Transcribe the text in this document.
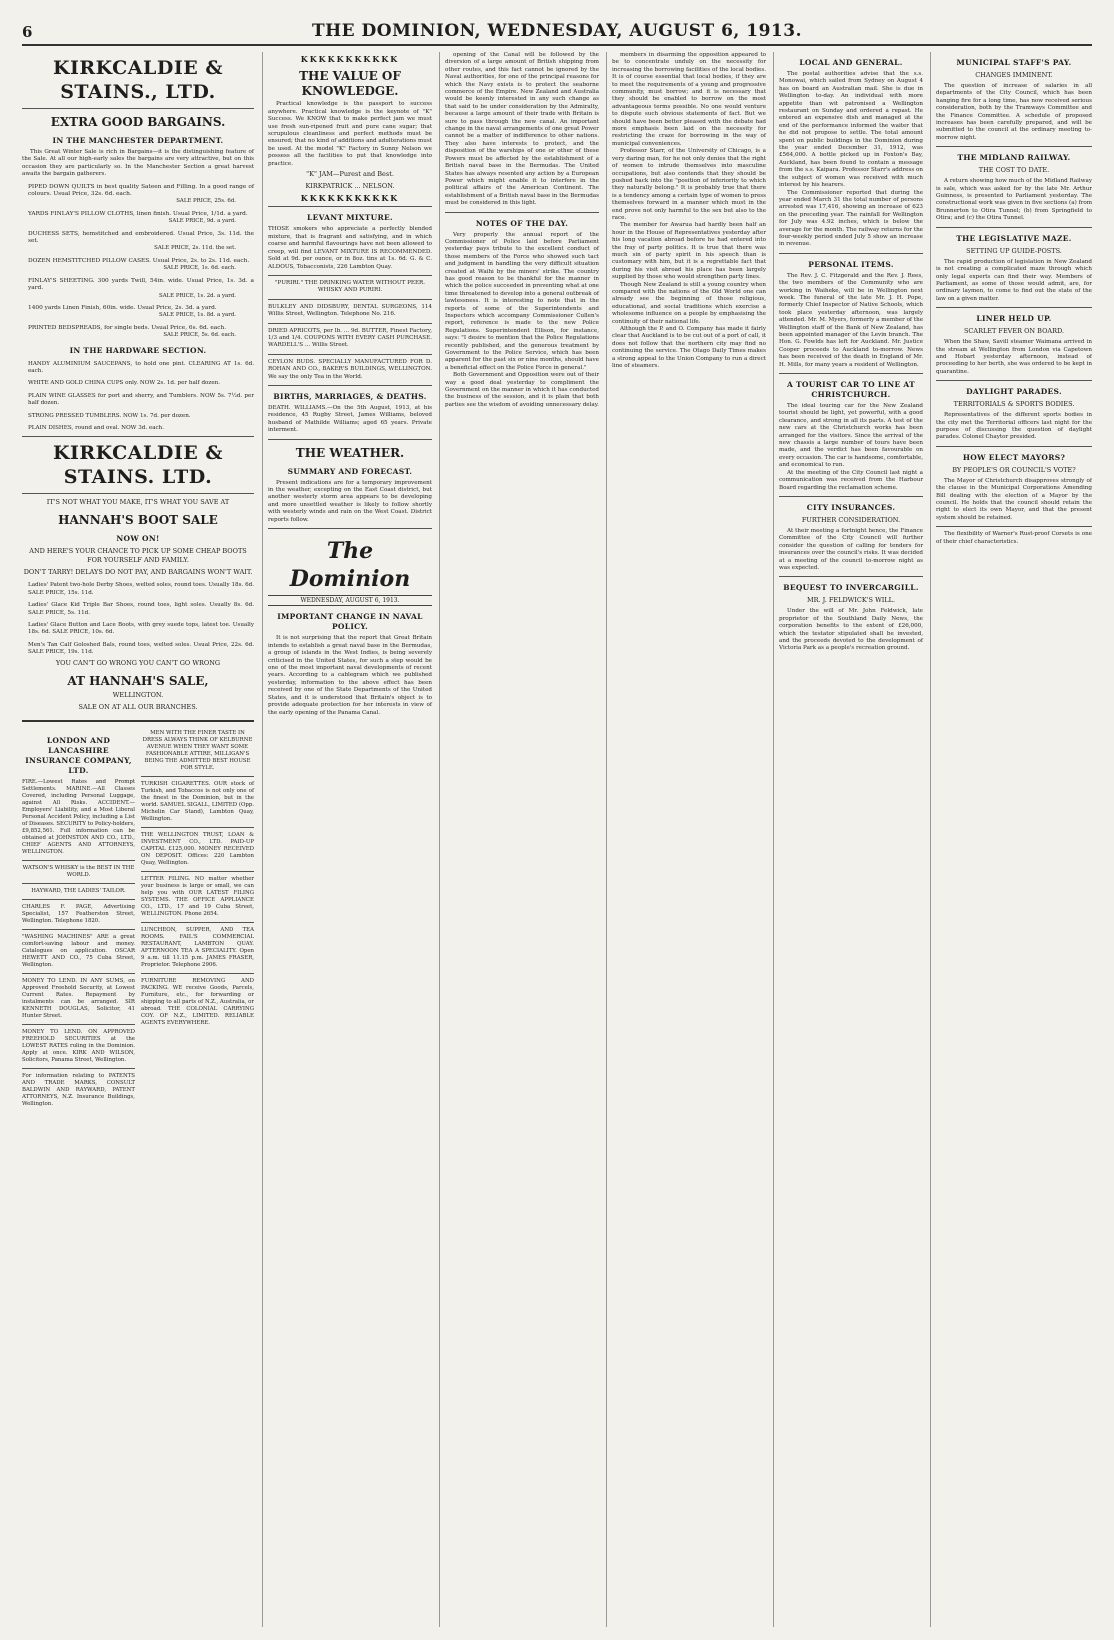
6	THE DOMINION, WEDNESDAY, AUGUST 6, 1913.
KIRKCALDIE & STAINS., LTD.
EXTRA GOOD BARGAINS.
IN THE MANCHESTER DEPARTMENT.

This Great Winter Sale is rich in Bargains—it is the distinguishing feature of the Sale. At all our high-early sales the bargains are very attractive, but on this occasion they are particularly so. In the Manchester Section a great harvest awaits the bargain gatherers.

PIPED DOWN QUILTS in best quality Sateen and Filling. In a good range of colours. Usual Price, 32s. 6d. each.
SALE PRICE, 25s. 6d.
YARDS FINLAY'S PILLOW CLOTHS, linen finish. Usual Price, 1/1d. a yard.
SALE PRICE, 9d. a yard.
DUCHESS SETS, hemstitched and embroidered. Usual Price, 3s. 11d. the set.
SALE PRICE, 2s. 11d. the set.
DOZEN HEMSTITCHED PILLOW CASES. Usual Price, 2s. to 2s. 11d. each.
SALE PRICE, 1s. 6d. each.
FINLAY'S SHEETING. 300 yards Twill, 54in. wide. Usual Price, 1s. 3d. a yard.
SALE PRICE, 1s. 2d. a yard.
1400 yards Linen Finish, 60in. wide. Usual Price, 2s. 3d. a yard.
SALE PRICE, 1s. 8d. a yard.
PRINTED BEDSPREADS, for single beds. Usual Price, 6s. 6d. each.
SALE PRICE, 5s. 6d. each.
IN THE HARDWARE SECTION.
HANDY ALUMINIUM SAUCEPANS, to hold one pint. CLEARING AT 1s. 6d. each.
WHITE AND GOLD CHINA CUPS only. NOW 2s. 1d. per half dozen.
PLAIN WINE GLASSES for port and sherry, and Tumblers. NOW 5s. 7½d. per half dozen.
STRONG PRESSED TUMBLERS. NOW 1s. 7d. per dozen.
PLAIN DISHES, round and oval. NOW 3d. each.
KIRKCALDIE & STAINS. LTD.
IT'S NOT WHAT YOU MAKE, IT'S WHAT YOU SAVE AT
HANNAH'S BOOT SALE
NOW ON!
AND HERE'S YOUR CHANCE TO PICK UP SOME CHEAP BOOTS FOR YOURSELF AND FAMILY.
DON'T TARRY! DELAYS DO NOT PAY, AND BARGAINS WON'T WAIT.
Ladies' Patent two-hole Derby Shoes, welted soles, round toes. Usually 18s. 6d. SALE PRICE, 15s. 11d.
Ladies' Glace Kid Triple Bar Shoes, round toes, light soles. Usually 8s. 6d. SALE PRICE, 5s. 11d.
Ladies' Glace Button and Lace Boots, with grey suede tops, latest toe. Usually 18s. 6d. SALE PRICE, 10s. 6d.
Men's Tan Calf Goloshed Bals, round toes, welted soles. Usual Price, 22s. 6d. SALE PRICE, 19s. 11d.
YOU CAN'T GO WRONG YOU CAN'T GO WRONG
AT HANNAH'S SALE,
WELLINGTON.
SALE ON AT ALL OUR BRANCHES.
LONDON AND LANCASHIRE INSURANCE COMPANY, LTD.

FIRE.—Lowest Rates and Prompt Settlements. MARINE.—All Classes Covered, including Personal Luggage, against All Risks. ACCIDENT.—Employers' Liability, and a Most Liberal Personal Accident Policy, including a List of Diseases. SECURITY to Policy-holders, £9,852,561. Full information can be obtained at JOHNSTON AND CO., LTD., CHIEF AGENTS AND ATTORNEYS, WELLINGTON.

WATSON'S WHISKY is the BEST IN THE WORLD.

HAYWARD, THE LADIES' TAILOR.

CHARLES F. PAGE, Advertising Specialist, 157 Featherston Street, Wellington. Telephone 1820.

"WASHING MACHINES" ARE a great comfort-saving labour and money. Catalogues on application. OSCAR HEWETT AND CO., 75 Cuba Street, Wellington.

MONEY TO LEND. IN ANY SUMS, on Approved Freehold Security, at Lowest Current Rates. Repayment by instalments can be arranged. SIR KENNETH DOUGLAS, Solicitor, 41 Hunter Street.

MONEY TO LEND. ON APPROVED FREEHOLD SECURITIES at the LOWEST RATES ruling in the Dominion. Apply at once. KIRK AND WILSON, Solicitors, Panama Street, Wellington.

For information relating to PATENTS AND TRADE MARKS, CONSULT BALDWIN AND RAYWARD, PATENT ATTORNEYS, N.Z. Insurance Buildings, Wellington.

MEN WITH THE FINER TASTE IN DRESS ALWAYS THINK OF KELBURNE AVENUE WHEN THEY WANT SOME FASHIONABLE ATTIRE, MILLIGAN'S BEING THE ADMITTED BEST HOUSE FOR STYLE.

TURKISH CIGARETTES. OUR stock of Turkish, and Tobaccos is not only one of the finest in the Dominion, but in the world. SAMUEL SIGALL, LIMITED (Opp. Michelin Car Stand), Lambton Quay, Wellington.

THE WELLINGTON TRUST, LOAN & INVESTMENT CO., LTD. PAID-UP CAPITAL £125,000. MONEY RECEIVED ON DEPOSIT. Offices: 220 Lambton Quay, Wellington.

LETTER FILING. NO matter whether your business is large or small, we can help you with OUR LATEST FILING SYSTEMS. THE OFFICE APPLIANCE CO., LTD., 17 and 19 Cuba Street, WELLINGTON. Phone 2654.

LUNCHEON, SUPPER, AND TEA ROOMS. FAIL'S COMMERCIAL RESTAURANT, LAMBTON QUAY. AFTERNOON TEA A SPECIALITY. Open 9 a.m. till 11.15 p.m. JAMES FRASER, Proprietor. Telephone 2906.

FURNITURE REMOVING AND PACKING. WE receive Goods, Parcels, Furniture, etc., for forwarding or shipping to all parts of N.Z., Australia, or abroad. THE COLONIAL CARRYING COY. OF N.Z., LIMITED. RELIABLE AGENTS EVERYWHERE.

KKKKKKKKKKK
THE VALUE OF KNOWLEDGE.

Practical knowledge is the passport to success anywhere. Practical knowledge is the keynote of "K" Success. We KNOW that to make perfect jam we must use fresh sun-ripened fruit and pure cane sugar; that scrupulous cleanliness and perfect methods must be ensured; that no kind of additions and adulterations must be used. At the model "K" Factory in Sunny Nelson we possess all the facilities to put that knowledge into practice.

"K" JAM—Purest and Best.
KIRKPATRICK ... NELSON.
KKKKKKKKKKK
LEVANT MIXTURE.

THOSE smokers who appreciate a perfectly blended mixture, that is fragrant and satisfying, and in which coarse and harmful flavourings have not been allowed to creep, will find LEVANT MIXTURE IS RECOMMENDED. Sold at 9d. per ounce, or in 8oz. tins at 1s. 6d. G. & C. ALDOUS, Tobacconists, 226 Lambton Quay.

"PURIRI." THE DRINKING WATER WITHOUT PEER. WHISKY AND PURIRI.

BULKLEY AND DIDSBURY, DENTAL SURGEONS, 114 Willis Street, Wellington. Telephone No. 216.

DRIED APRICOTS, per lb. ... 9d. BUTTER, Finest Factory, 1/3 and 1/4. COUPONS WITH EVERY CASH PURCHASE. WARDELL'S ... Willis Street.

CEYLON BUDS. SPECIALLY MANUFACTURED FOR D. ROHAN AND CO., BAKER'S BUILDINGS, WELLINGTON. We say the only Tea in the World.

BIRTHS, MARRIAGES, & DEATHS.

DEATH. WILLIAMS.—On the 5th August, 1913, at his residence, 45 Rugby Street, James Williams, beloved husband of Mathilde Williams; aged 65 years. Private interment.

THE WEATHER.
SUMMARY AND FORECAST.

Present indications are for a temporary improvement in the weather, excepting on the East Coast district, but another westerly storm area appears to be developing and more unsettled weather is likely to follow shortly with westerly winds and rain on the West Coast. District reports follow.

The Dominion
WEDNESDAY, AUGUST 6, 1913.
IMPORTANT CHANGE IN NAVAL POLICY.

It is not surprising that the report that Great Britain intends to establish a great naval base in the Bermudas, a group of islands in the West Indies, is being severely criticised in the United States, for such a step would be one of the most important naval developments of recent years. According to a cablegram which we published yesterday, information to the above effect has been received by one of the State Departments of the United States, and it is understood that Britain's object is to provide adequate protection for her interests in view of the early opening of the Panama Canal.

opening of the Canal will be followed by the diversion of a large amount of British shipping from other routes, and this fact cannot be ignored by the Naval authorities, for one of the principal reasons for which the Navy exists is to protect the seaborne commerce of the Empire. New Zealand and Australia would be keenly interested in any such change as that said to be under consideration by the Admiralty, because a large amount of their trade with Britain is sure to pass through the new canal. An important change in the naval arrangements of one great Power cannot be a matter of indifference to other nations. They also have interests to protect, and the disposition of the warships of one or other of these Powers must be affected by the establishment of a British naval base in the Bermudas. The United States has always resented any action by a European Power which might enable it to interfere in the political affairs of the American Continent. The establishment of a British naval base in the Bermudas must be considered in this light.

NOTES OF THE DAY.

Very properly the annual report of the Commissioner of Police laid before Parliament yesterday pays tribute to the excellent conduct of those members of the Force who showed such tact and judgment in handling the very difficult situation created at Waihi by the miners' strike. The country has good reason to be thankful for the manner in which the police succeeded in preventing what at one time threatened to develop into a general outbreak of lawlessness. It is interesting to note that in the reports of some of the Superintendents and Inspectors which accompany Commissioner Cullen's report, reference is made to the new Police Regulations. Superintendent Ellison, for instance, says: "I desire to mention that the Police Regulations recently published, and the generous treatment by Government to the Police Service, which has been apparent for the past six or nine months, should have a beneficial effect on the Police Force in general."

Both Government and Opposition were out of their way a good deal yesterday to compliment the Government on the manner in which it has conducted the business of the session, and it is plain that both parties see the wisdom of avoiding unnecessary delay.

members in disarming the opposition appeared to be to concentrate unduly on the necessity for increasing the borrowing facilities of the local bodies. It is of course essential that local bodies, if they are to meet the requirements of a young and progressive community, must borrow; and it is necessary that they should be enabled to borrow on the most advantageous terms possible. No one would venture to dispute such obvious statements of fact. But we should have been better pleased with the debate had more emphasis been laid on the necessity for restricting the craze for borrowing in the way of municipal conveniences.

Professor Starr, of the University of Chicago, is a very daring man, for he not only denies that the right of women to intrude themselves into masculine occupations, but also contends that they should be pushed back into the "position of inferiority to which they naturally belong." It is probably true that there is a tendency among a certain type of women to press themselves forward in a manner which must in the end prove not only harmful to the sex but also to the race.

The member for Awarua had hardly been half an hour in the House of Representatives yesterday after his long vacation abroad before he had entered into the fray of party politics. It is true that there was much sin of party spirit in his speech than is customary with him, but it is a regrettable fact that during his visit abroad his place has been largely supplied by those who would strengthen party lines.

Though New Zealand is still a young country when compared with the nations of the Old World one can already see the beginning of those religious, educational, and social traditions which exercise a wholesome influence on a people by emphasising the continuity of their national life.

Although the P. and O. Company has made it fairly clear that Auckland is to be cut out of a port of call, it does not follow that the northern city may find no continuing the service. The Otago Daily Times makes a strong appeal to the Union Company to run a direct line of steamers.

LOCAL AND GENERAL.

The postal authorities advise that the s.s. Monowai, which sailed from Sydney on August 4 has on board an Australian mail. She is due in Wellington to-day. An individual with more appetite than wit patronised a Wellington restaurant on Sunday and ordered a repast. He entered an expensive dish and managed at the end of the performance informed the waiter that he did not propose to settle. The total amount spent on public buildings in the Dominion during the year ended December 31, 1912, was £564,000. A bottle picked up in Foxton's Bay, Auckland, has been found to contain a message from the s.s. Kaipara. Professor Starr's address on the subject of women was received with much interest by his hearers.

The Commissioner reported that during the year ended March 31 the total number of persons arrested was 17,416, showing an increase of 623 on the preceding year. The rainfall for Wellington for July was 4.92 inches, which is below the average for the month. The railway returns for the four-weekly period ended July 5 show an increase in revenue.

PERSONAL ITEMS.

The Rev. J. C. Fitzgerald and the Rev. J. Rees, the two members of the Community who are working in Waiheke, will be in Wellington next week. The funeral of the late Mr. J. H. Pope, formerly Chief Inspector of Native Schools, which took place yesterday afternoon, was largely attended. Mr. M. Myers, formerly a member of the Wellington staff of the Bank of New Zealand, has been appointed manager of the Levin branch. The Hon. G. Fowlds has left for Auckland. Mr. Justice Cooper proceeds to Auckland to-morrow. News has been received of the death in England of Mr. H. Mills, for many years a resident of Wellington.

A TOURIST CAR TO LINE AT CHRISTCHURCH.

The ideal touring car for the New Zealand tourist should be light, yet powerful, with a good clearance, and strong in all its parts. A test of the new cars at the Christchurch works has been arranged for the visitors. Since the arrival of the new chassis a large number of tours have been made, and the verdict has been favourable on every occasion. The car is handsome, comfortable, and economical to run.

At the meeting of the City Council last night a communication was received from the Harbour Board regarding the reclamation scheme.

CITY INSURANCES.
FURTHER CONSIDERATION.

At their meeting a fortnight hence, the Finance Committee of the City Council will further consider the question of calling for tenders for insurances over the council's risks. It was decided at a meeting of the council to-morrow night as was expected.

BEQUEST TO INVERCARGILL.
MR. J. FELDWICK'S WILL.

Under the will of Mr. John Feldwick, late proprietor of the Southland Daily News, the corporation benefits to the extent of £26,000, which the testator stipulated shall be invested, and the proceeds devoted to the development of Victoria Park as a people's recreation ground.

MUNICIPAL STAFF'S PAY.
CHANGES IMMINENT.

The question of increase of salaries in all departments of the City Council, which has been hanging fire for a long time, has now received serious consideration, both by the Tramways Committee and the Finance Committee. A schedule of proposed increases has been carefully prepared, and will be submitted to the council at the ordinary meeting to-morrow night.

THE MIDLAND RAILWAY.
THE COST TO DATE.

A return showing how much of the Midland Railway is sale, which was asked for by the late Mr. Arthur Guinness, is presented to Parliament yesterday. The constructional work was given in five sections (a) from Brunnerton to Otira Tunnel; (b) from Springfield to Otira; and (c) the Otira Tunnel.

THE LEGISLATIVE MAZE.
SETTING UP GUIDE-POSTS.

The rapid production of legislation in New Zealand is not creating a complicated maze through which only legal experts can find their way. Members of Parliament, as some of those would admit, are, for ordinary laymen, to come to find out the state of the law on a given matter.

LINER HELD UP.
SCARLET FEVER ON BOARD.

When the Shaw, Savill steamer Waimana arrived in the stream at Wellington from London via Capetown and Hobart yesterday afternoon, instead of proceeding to her berth, she was ordered to be kept in quarantine.

DAYLIGHT PARADES.
TERRITORIALS & SPORTS BODIES.

Representatives of the different sports bodies in the city met the Territorial officers last night for the purpose of discussing the question of daylight parades. Colonel Chaytor presided.

HOW ELECT MAYORS?
BY PEOPLE'S OR COUNCIL'S VOTE?

The Mayor of Christchurch disapproves strongly of the clause in the Municipal Corporations Amending Bill dealing with the election of a Mayor by the council. He holds that the council should retain the right to elect its own Mayor, and that the present system should be retained.

The flexibility of Warner's Rust-proof Corsets is one of their chief characteristics.
